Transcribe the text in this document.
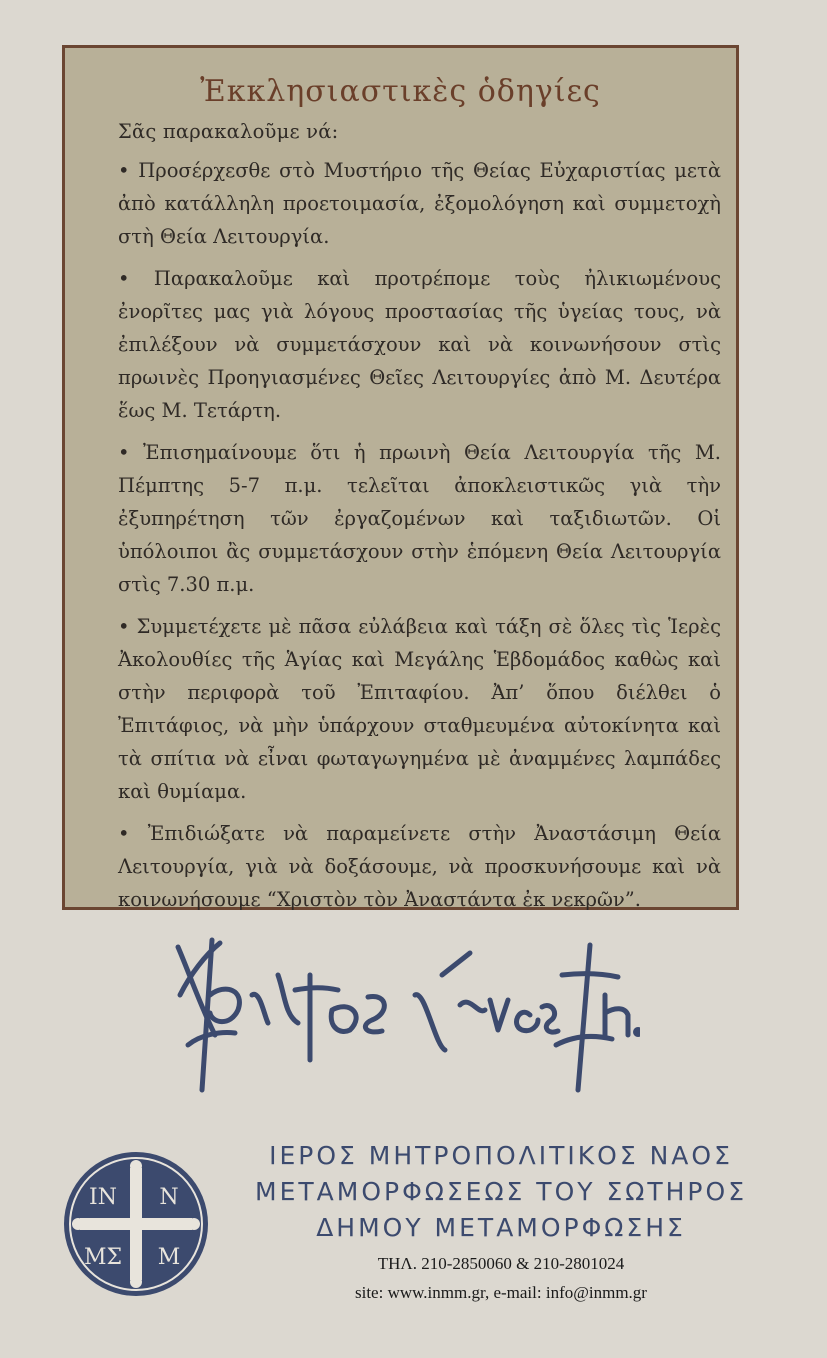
Ἐκκλησιαστικὲς ὁδηγίες
Σᾶς παρακαλοῦμε νά:

• Προσέρχεσθε στὸ Μυστήριο τῆς Θείας Εὐχαριστίας μετὰ ἀπὸ κατάλληλη προετοιμασία, ἐξομολόγηση καὶ συμμετοχὴ στὴ Θεία Λειτουργία.

• Παρακαλοῦμε καὶ προτρέπομε τοὺς ἠλικιωμένους ἐνορῖτες μας γιὰ λόγους προστασίας τῆς ὑγείας τους, νὰ ἐπιλέξουν νὰ συμμετάσχουν καὶ νὰ κοινωνήσουν στὶς πρωινὲς Προηγιασμένες Θεῖες Λειτουργίες ἀπὸ Μ. Δευτέρα ἕως Μ. Τετάρτη.

• Ἐπισημαίνουμε ὅτι ἡ πρωινὴ Θεία Λειτουργία τῆς Μ. Πέμπτης 5-7 π.μ. τελεῖται ἀποκλειστικῶς γιὰ τὴν ἐξυπηρέτηση τῶν ἐργαζομένων καὶ ταξιδιωτῶν. Οἱ ὑπόλοιποι ἂς συμμετάσχουν στὴν ἑπόμενη Θεία Λειτουργία στὶς 7.30 π.μ.

• Συμμετέχετε μὲ πᾶσα εὐλάβεια καὶ τάξη σὲ ὅλες τὶς Ἱερὲς Ἀκολουθίες τῆς Ἁγίας καὶ Μεγάλης Ἑβδομάδος καθὼς καὶ στὴν περιφορὰ τοῦ Ἐπιταφίου. Ἀπ’ ὅπου διέλθει ὁ Ἐπιτάφιος, νὰ μὴν ὑπάρχουν σταθμευμένα αὐτοκίνητα καὶ τὰ σπίτια νὰ εἶναι φωταγωγημένα μὲ ἀναμμένες λαμπάδες καὶ θυμίαμα.

• Ἐπιδιώξατε νὰ παραμείνετε στὴν Ἀναστάσιμη Θεία Λειτουργία, γιὰ νὰ δοξάσουμε, νὰ προσκυνήσουμε καὶ νὰ κοινωνήσουμε “Χριστὸν τὸν Ἀναστάντα ἐκ νεκρῶν”.

ΙΝ Ν
ΜΣ Μ
ΙΕΡΟΣ ΜΗΤΡΟΠΟΛΙΤΙΚΟΣ ΝΑΟΣ
ΜΕΤΑΜΟΡΦΩΣΕΩΣ ΤΟΥ ΣΩΤΗΡΟΣ
ΔΗΜΟΥ ΜΕΤΑΜΟΡΦΩΣΗΣ
ΤΗΛ. 210-2850060 & 210-2801024
site: www.inmm.gr, e-mail: info@inmm.gr
